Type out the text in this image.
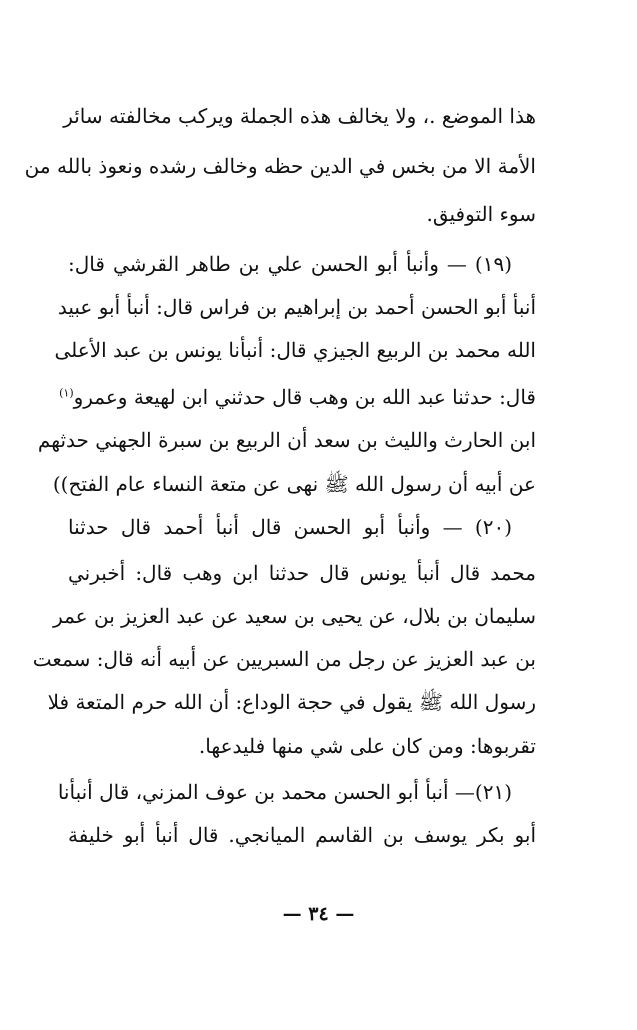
هذا الموضع .، ولا يخالف هذه الجملة ويركب مخالفته سائر
الأمة الا من بخس في الدين حظه وخالف رشده ونعوذ بالله من
سوء التوفيق.
(١٩) — وأنبأ أبو الحسن علي بن طاهر القرشي قال:
أنبأ أبو الحسن أحمد بن إبراهيم بن فراس قال: أنبأ أبو عبيد
الله محمد بن الربيع الجيزي قال: أنبأنا يونس بن عبد الأعلى
قال: حدثنا عبد الله بن وهب قال حدثني ابن لهيعة وعمرو$^{(١)}$
ابن الحارث والليث بن سعد أن الربيع بن سبرة الجهني حدثهم
عن أبيه أن رسول الله ﷺ نهى عن متعة النساء عام الفتح))
(٢٠) — وأنبأ أبو الحسن قال أنبأ أحمد قال حدثنا
محمد قال أنبأ يونس قال حدثنا ابن وهب قال: أخبرني
سليمان بن بلال، عن يحيى بن سعيد عن عبد العزيز بن عمر
بن عبد العزيز عن رجل من السبريين عن أبيه أنه قال: سمعت
رسول الله ﷺ يقول في حجة الوداع: أن الله حرم المتعة فلا
تقربوها: ومن كان على شي منها فليدعها.
(٢١)— أنبأ أبو الحسن محمد بن عوف المزني، قال أنبأنا
أبو بكر يوسف بن القاسم الميانجي. قال أنبأ أبو خليفة
— ٣٤ —
